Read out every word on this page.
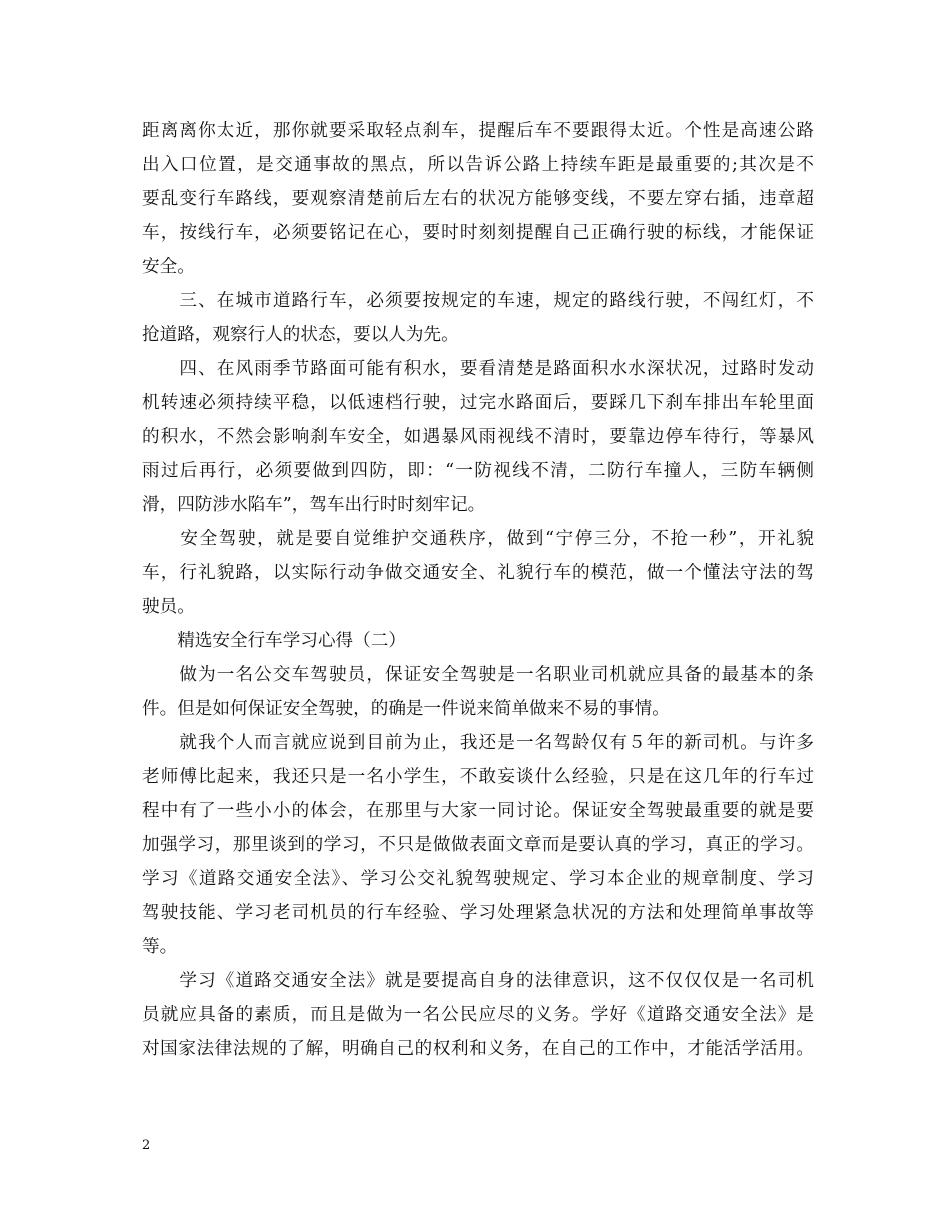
距离离你太近，那你就要采取轻点刹车，提醒后车不要跟得太近。个性是高速公路
出入口位置，是交通事故的黑点，所以告诉公路上持续车距是最重要的;其次是不
要乱变行车路线，要观察清楚前后左右的状况方能够变线，不要左穿右插，违章超
车，按线行车，必须要铭记在心，要时时刻刻提醒自己正确行驶的标线，才能保证
安全。
　　三、在城市道路行车，必须要按规定的车速，规定的路线行驶，不闯红灯，不
抢道路，观察行人的状态，要以人为先。
　　四、在风雨季节路面可能有积水，要看清楚是路面积水水深状况，过路时发动
机转速必须持续平稳，以低速档行驶，过完水路面后，要踩几下刹车排出车轮里面
的积水，不然会影响刹车安全，如遇暴风雨视线不清时，要靠边停车待行，等暴风
雨过后再行，必须要做到四防，即：“一防视线不清，二防行车撞人，三防车辆侧
滑，四防涉水陷车”，驾车出行时时刻牢记。
　　安全驾驶，就是要自觉维护交通秩序，做到“宁停三分，不抢一秒”，开礼貌
车，行礼貌路，以实际行动争做交通安全、礼貌行车的模范，做一个懂法守法的驾
驶员。
　　精选安全行车学习心得（二）
　　做为一名公交车驾驶员，保证安全驾驶是一名职业司机就应具备的最基本的条
件。但是如何保证安全驾驶，的确是一件说来简单做来不易的事情。
　　就我个人而言就应说到目前为止，我还是一名驾龄仅有５年的新司机。与许多
老师傅比起来，我还只是一名小学生，不敢妄谈什么经验，只是在这几年的行车过
程中有了一些小小的体会，在那里与大家一同讨论。保证安全驾驶最重要的就是要
加强学习，那里谈到的学习，不只是做做表面文章而是要认真的学习，真正的学习。
学习《道路交通安全法》、学习公交礼貌驾驶规定、学习本企业的规章制度、学习
驾驶技能、学习老司机员的行车经验、学习处理紧急状况的方法和处理简单事故等
等。
　　学习《道路交通安全法》就是要提高自身的法律意识，这不仅仅仅是一名司机
员就应具备的素质，而且是做为一名公民应尽的义务。学好《道路交通安全法》是
对国家法律法规的了解，明确自己的权利和义务，在自己的工作中，才能活学活用。
2
